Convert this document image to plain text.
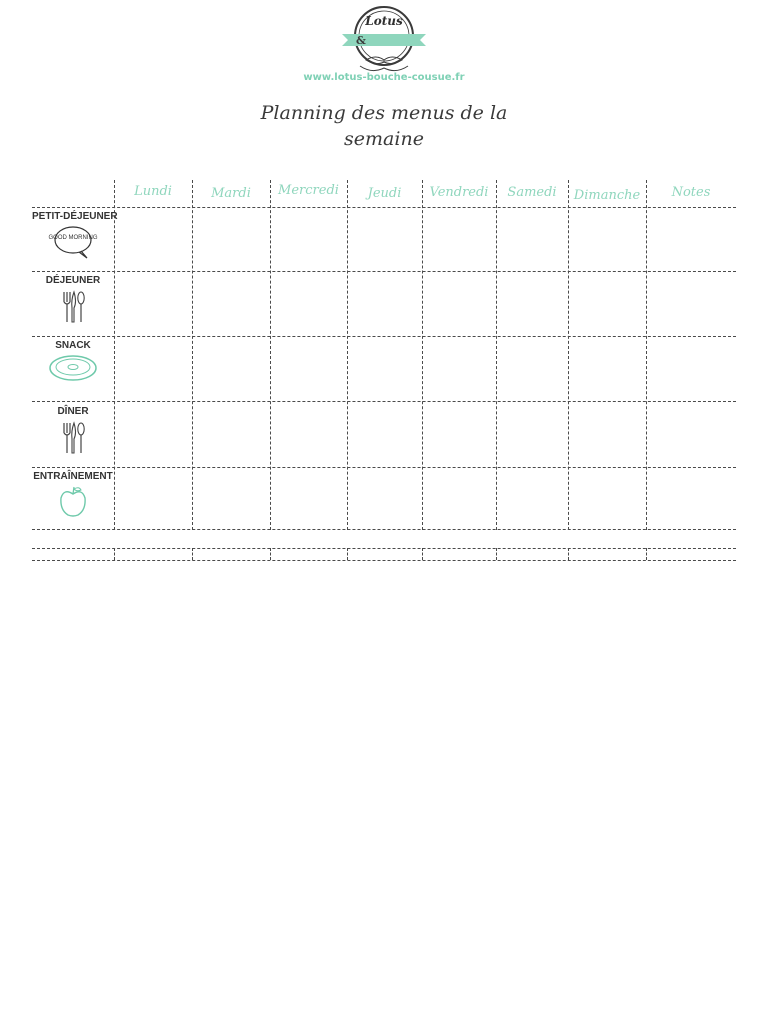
&
Lotus
www.lotus-bouche-cousue.fr
Planning des menus de la
semaine
Lundi	Mardi	Mercredi	Jeudi	Vendredi	Samedi	Dimanche	Notes
PETIT-DÉJEUNER
GOOD MORNING
DÉJEUNER
SNACK
DÎNER
ENTRAÎNEMENT
